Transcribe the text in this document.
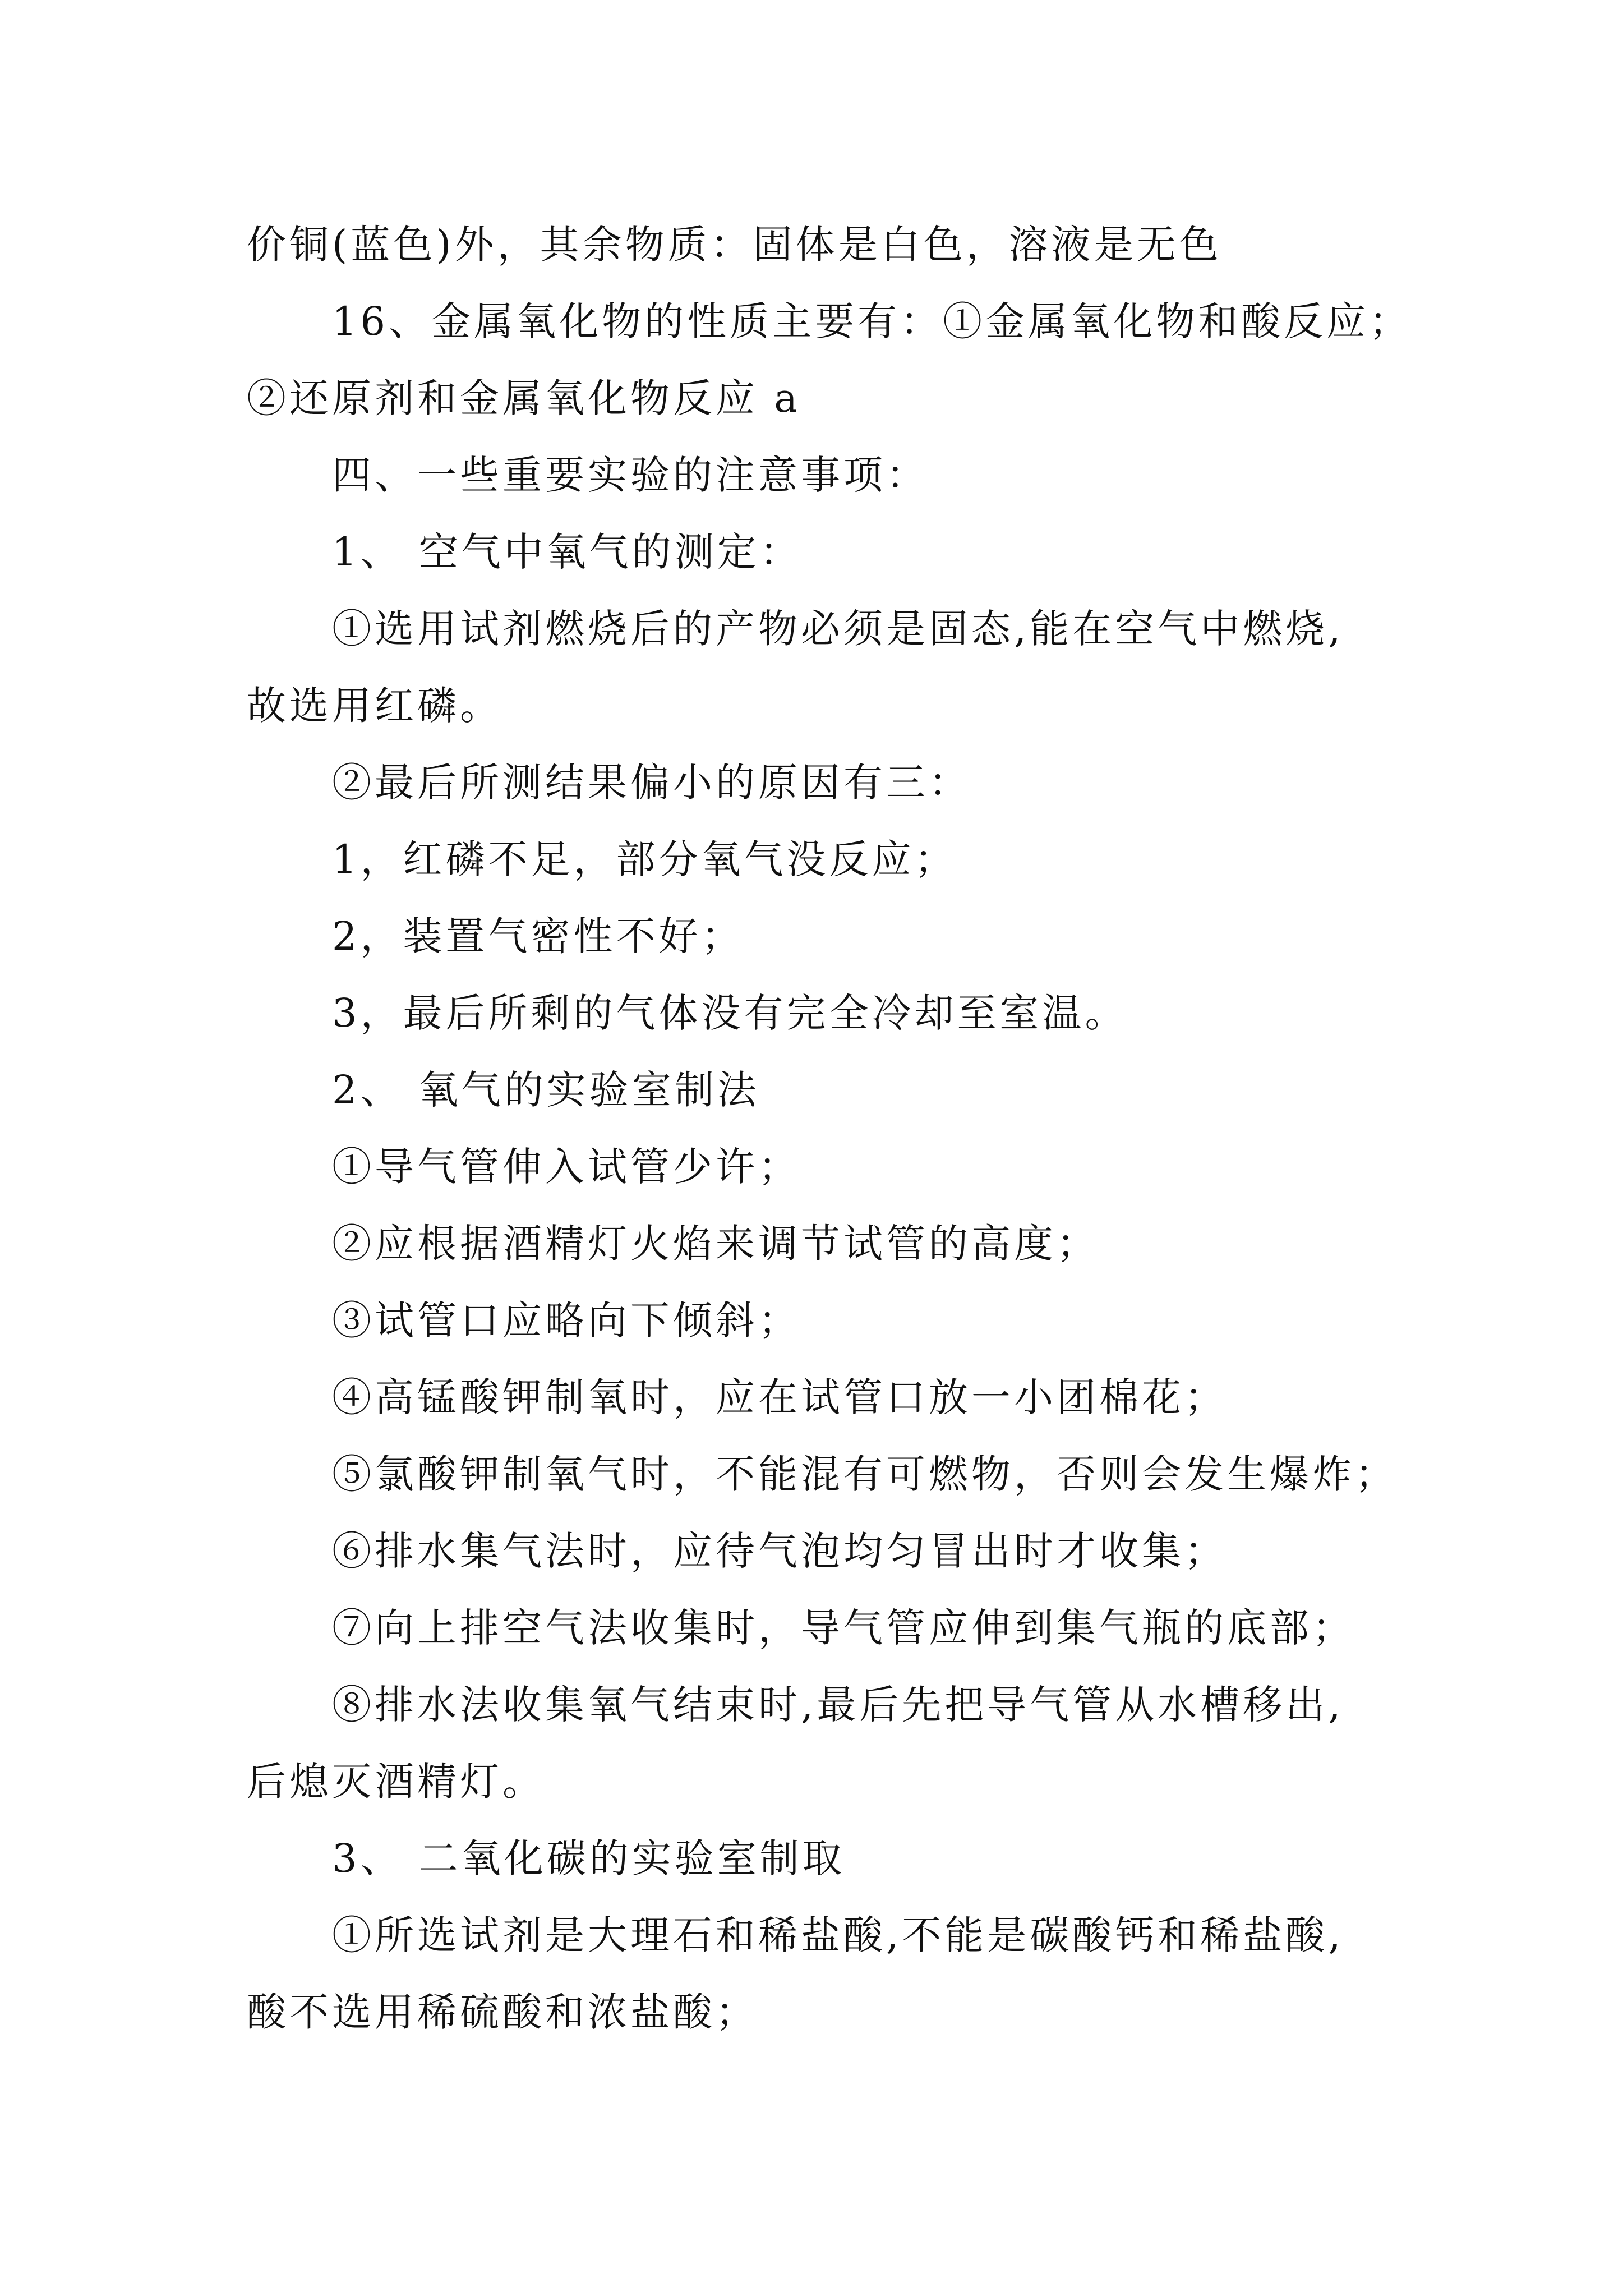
价铜(蓝色)外，其余物质：固体是白色，溶液是无色
16、金属氧化物的性质主要有：①金属氧化物和酸反应；
②还原剂和金属氧化物反应 a
四、一些重要实验的注意事项：
1、 空气中氧气的测定：
①选用试剂燃烧后的产物必须是固态,能在空气中燃烧,
故选用红磷。
②最后所测结果偏小的原因有三：
1，红磷不足，部分氧气没反应；
2，装置气密性不好；
3，最后所剩的气体没有完全冷却至室温。
2、 氧气的实验室制法
①导气管伸入试管少许；
②应根据酒精灯火焰来调节试管的高度；
③试管口应略向下倾斜；
④高锰酸钾制氧时，应在试管口放一小团棉花；
⑤氯酸钾制氧气时，不能混有可燃物，否则会发生爆炸；
⑥排水集气法时，应待气泡均匀冒出时才收集；
⑦向上排空气法收集时，导气管应伸到集气瓶的底部；
⑧排水法收集氧气结束时,最后先把导气管从水槽移出,
后熄灭酒精灯。
3、 二氧化碳的实验室制取
①所选试剂是大理石和稀盐酸,不能是碳酸钙和稀盐酸,
酸不选用稀硫酸和浓盐酸；
